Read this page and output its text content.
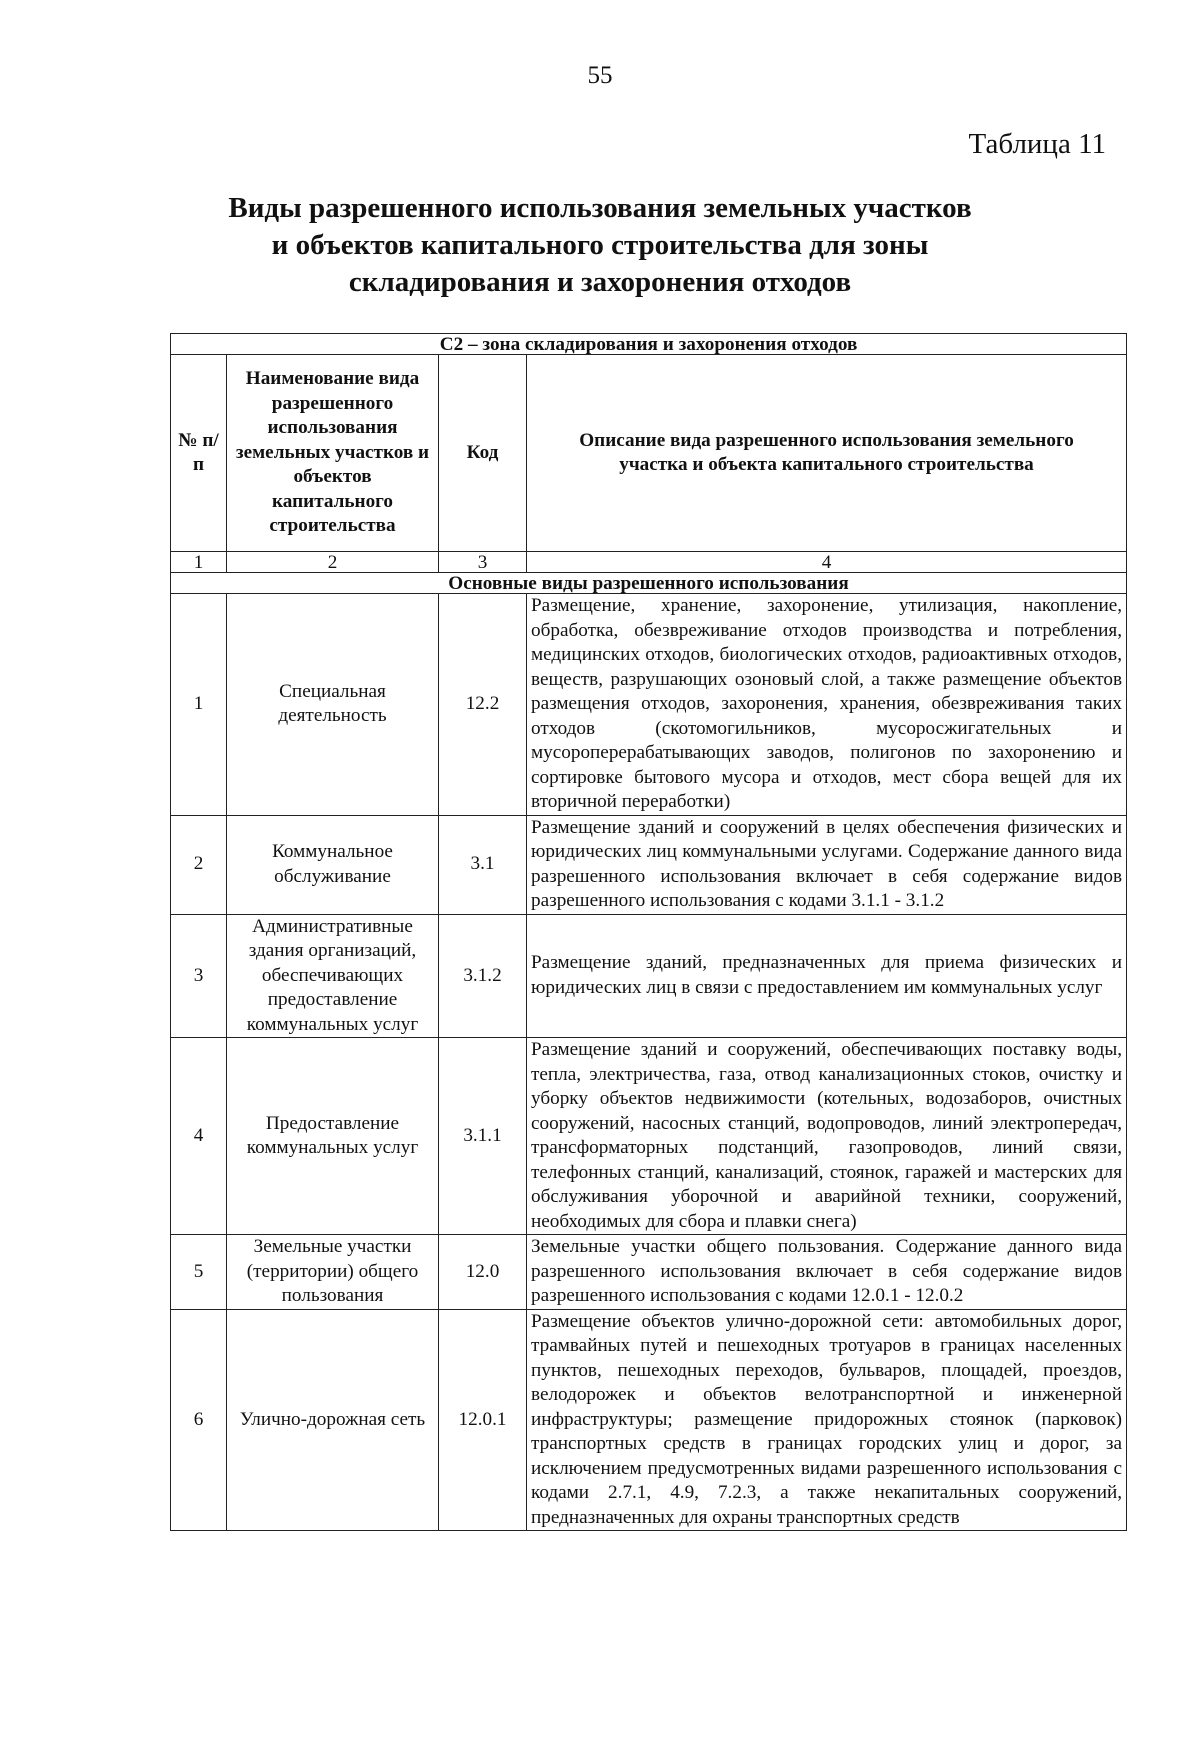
55
Таблица 11
Виды разрешенного использования земельных участков
и объектов капитального строительства для зоны
складирования и захоронения отходов
С2 – зона складирования и захоронения отходов			
№ п/п	Наименование вида разрешенного использования земельных участков и объектов капитального строительства	Код	Описание вида разрешенного использования земельного участка и объекта капитального строительства
1	2	3	4
Основные виды разрешенного использования			
1	Специальная деятельность	12.2	Размещение, хранение, захоронение, утилизация, накопление, обработка, обезвреживание отходов производства и потребления, медицинских отходов, биологических отходов, радиоактивных отходов, веществ, разрушающих озоновый слой, а также размещение объектов размещения отходов, захоронения, хранения, обезвреживания таких отходов (скотомогильников, мусоросжигательных и мусороперерабатывающих заводов, полигонов по захоронению и сортировке бытового мусора и отходов, мест сбора вещей для их вторичной переработки)
2	Коммунальное обслуживание	3.1	Размещение зданий и сооружений в целях обеспечения физических и юридических лиц коммунальными услугами. Содержание данного вида разрешенного использования включает в себя содержание видов разрешенного использования с кодами 3.1.1 - 3.1.2
3	Административные здания организаций, обеспечивающих предоставление коммунальных услуг	3.1.2	Размещение зданий, предназначенных для приема физических и юридических лиц в связи с предоставлением им коммунальных услуг
4	Предоставление коммунальных услуг	3.1.1	Размещение зданий и сооружений, обеспечивающих поставку воды, тепла, электричества, газа, отвод канализационных стоков, очистку и уборку объектов недвижимости (котельных, водозаборов, очистных сооружений, насосных станций, водопроводов, линий электропередач, трансформаторных подстанций, газопроводов, линий связи, телефонных станций, канализаций, стоянок, гаражей и мастерских для обслуживания уборочной и аварийной техники, сооружений, необходимых для сбора и плавки снега)
5	Земельные участки (территории) общего пользования	12.0	Земельные участки общего пользования. Содержание данного вида разрешенного использования включает в себя содержание видов разрешенного использования с кодами 12.0.1 - 12.0.2
6	Улично-дорожная сеть	12.0.1	Размещение объектов улично-дорожной сети: автомобильных дорог, трамвайных путей и пешеходных тротуаров в границах населенных пунктов, пешеходных переходов, бульваров, площадей, проездов, велодорожек и объектов велотранспортной и инженерной инфраструктуры; размещение придорожных стоянок (парковок) транспортных средств в границах городских улиц и дорог, за исключением предусмотренных видами разрешенного использования с кодами 2.7.1, 4.9, 7.2.3, а также некапитальных сооружений, предназначенных для охраны транспортных средств
